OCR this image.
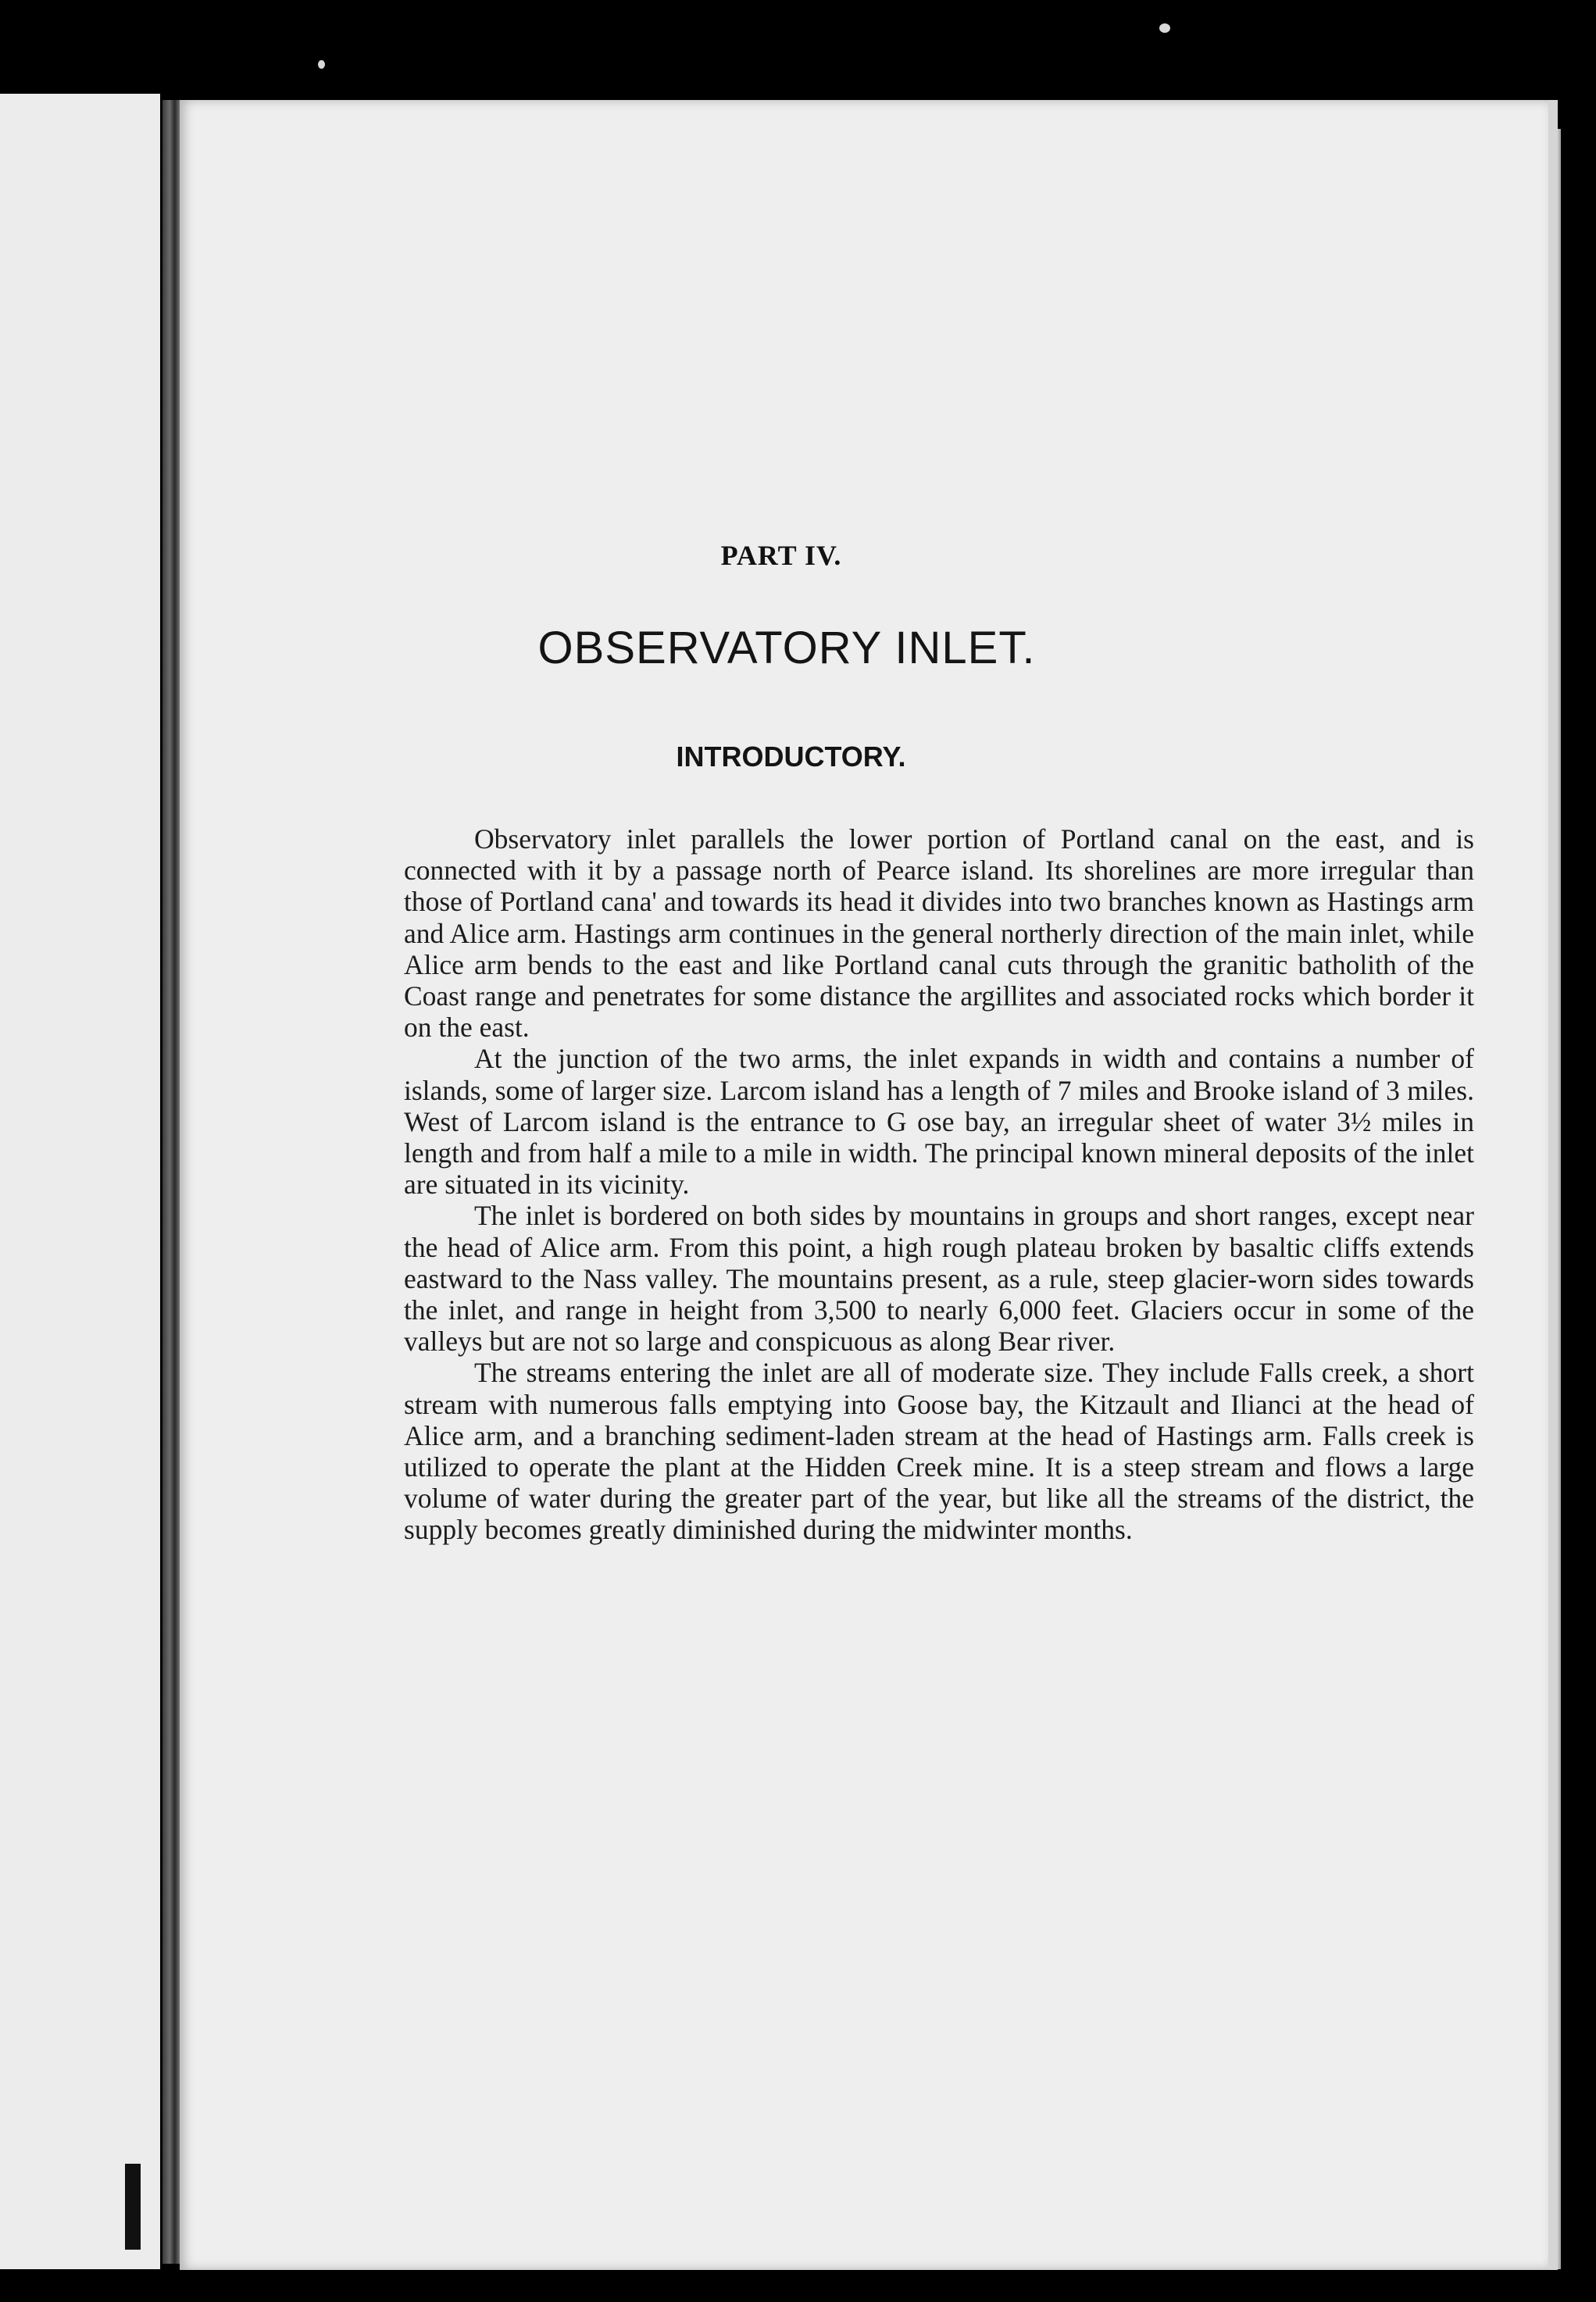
PART IV.
OBSERVATORY INLET.
INTRODUCTORY.

Observatory inlet parallels the lower portion of Portland canal on the east, and is connected with it by a passage north of Pearce island. Its shorelines are more irregular than those of Portland cana' and towards its head it divides into two branches known as Hastings arm and Alice arm. Hastings arm continues in the general northerly direction of the main inlet, while Alice arm bends to the east and like Portland canal cuts through the granitic batholith of the Coast range and penetrates for some distance the argillites and associated rocks which border it on the east.

At the junction of the two arms, the inlet expands in width and contains a number of islands, some of larger size. Larcom island has a length of 7 miles and Brooke island of 3 miles. West of Larcom island is the entrance to G ose bay, an irregular sheet of water 3½ miles in length and from half a mile to a mile in width. The principal known mineral deposits of the inlet are situated in its vicinity.

The inlet is bordered on both sides by mountains in groups and short ranges, except near the head of Alice arm. From this point, a high rough plateau broken by basaltic cliffs extends eastward to the Nass valley. The mountains present, as a rule, steep glacier-worn sides towards the inlet, and range in height from 3,500 to nearly 6,000 feet. Glaciers occur in some of the valleys but are not so large and conspicuous as along Bear river.

The streams entering the inlet are all of moderate size. They include Falls creek, a short stream with numerous falls emptying into Goose bay, the Kitzault and Ilianci at the head of Alice arm, and a branching sediment-laden stream at the head of Hastings arm. Falls creek is utilized to operate the plant at the Hidden Creek mine. It is a steep stream and flows a large volume of water during the greater part of the year, but like all the streams of the district, the supply becomes greatly diminished during the midwinter months.
